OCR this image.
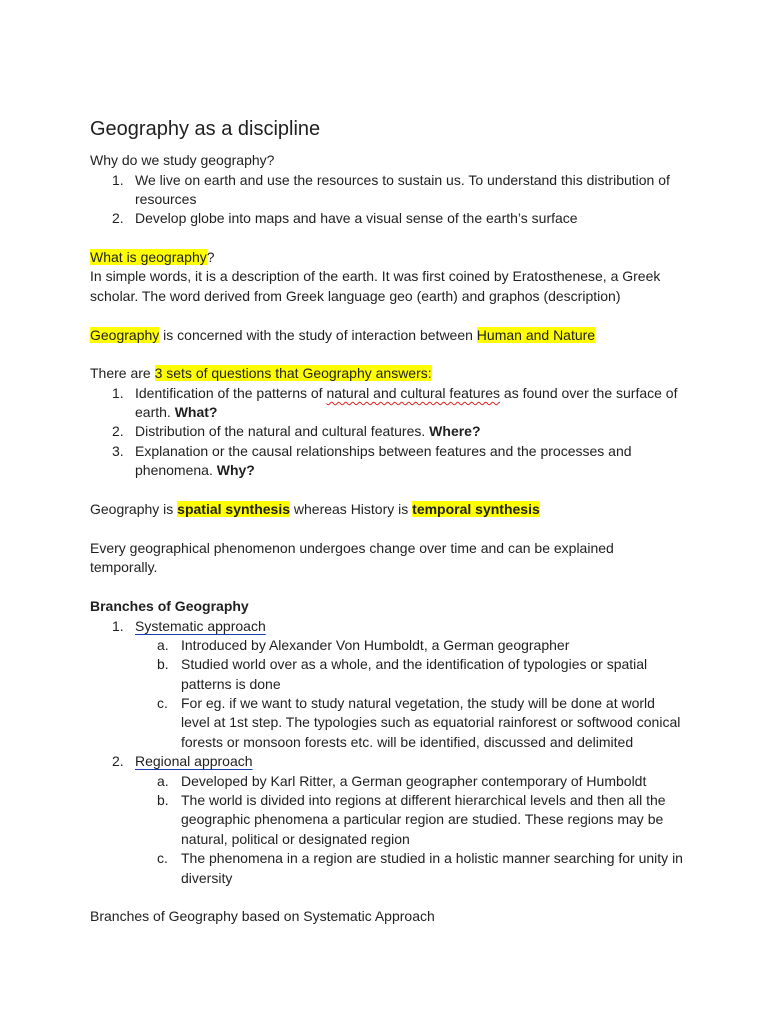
Geography as a discipline
Why do we study geography?
1. We live on earth and use the resources to sustain us. To understand this distribution of
resources
2. Develop globe into maps and have a visual sense of the earth’s surface
What is geography?
In simple words, it is a description of the earth. It was first coined by Eratosthenese, a Greek
scholar. The word derived from Greek language geo (earth) and graphos (description)
Geography is concerned with the study of interaction between Human and Nature
There are 3 sets of questions that Geography answers:
1. Identification of the patterns of natural and cultural features as found over the surface of
earth. What?
2. Distribution of the natural and cultural features. Where?
3. Explanation or the causal relationships between features and the processes and
phenomena. Why?
Geography is spatial synthesis whereas History is temporal synthesis
Every geographical phenomenon undergoes change over time and can be explained
temporally.
Branches of Geography
1. Systematic approach
a. Introduced by Alexander Von Humboldt, a German geographer
b. Studied world over as a whole, and the identification of typologies or spatial
patterns is done
c. For eg. if we want to study natural vegetation, the study will be done at world
level at 1st step. The typologies such as equatorial rainforest or softwood conical
forests or monsoon forests etc. will be identified, discussed and delimited
2. Regional approach
a. Developed by Karl Ritter, a German geographer contemporary of Humboldt
b. The world is divided into regions at different hierarchical levels and then all the
geographic phenomena a particular region are studied. These regions may be
natural, political or designated region
c. The phenomena in a region are studied in a holistic manner searching for unity in
diversity
Branches of Geography based on Systematic Approach
